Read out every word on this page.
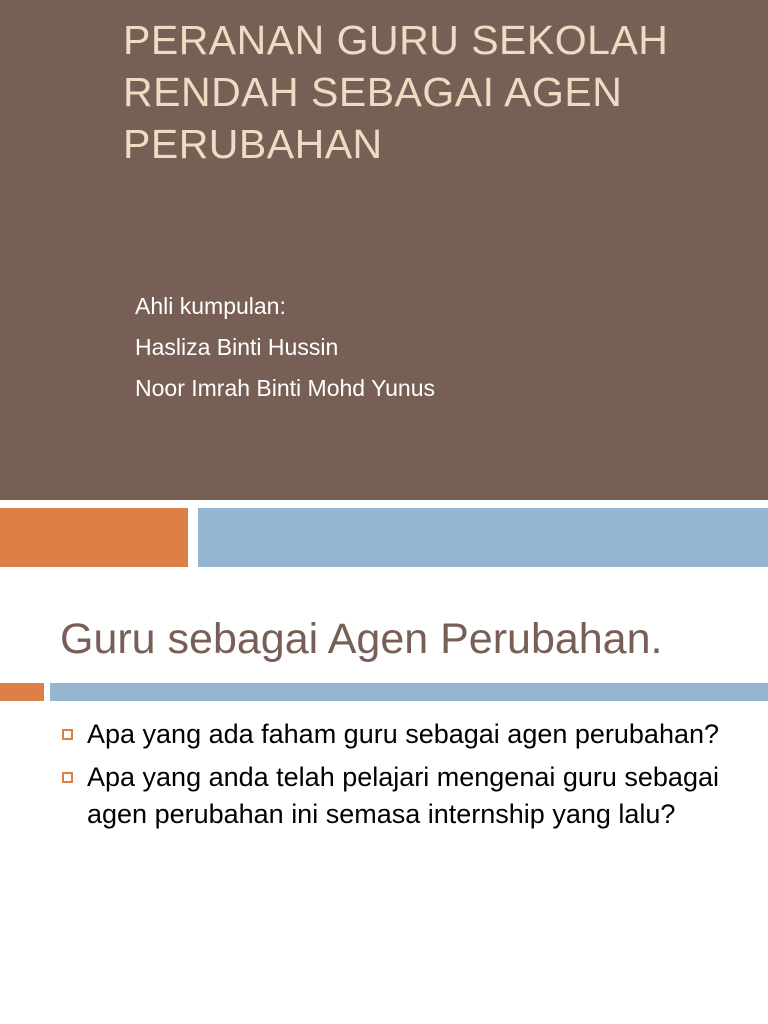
PERANAN GURU SEKOLAH RENDAH SEBAGAI AGEN PERUBAHAN
Ahli kumpulan:
Hasliza Binti Hussin
Noor Imrah Binti Mohd Yunus
Guru sebagai Agen Perubahan.
Apa yang ada faham guru sebagai agen perubahan?
Apa yang anda telah pelajari mengenai guru sebagai agen perubahan ini semasa internship yang lalu?
